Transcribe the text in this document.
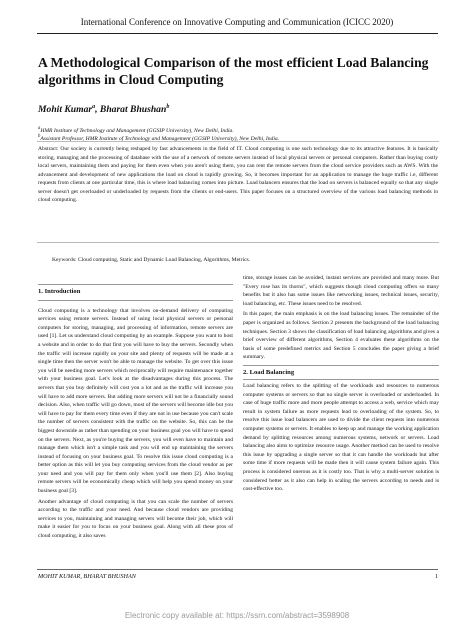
International Conference on Innovative Computing and Communication (ICICC 2020)
A Methodological Comparison of the most efficient Load Balancing algorithms in Cloud Computing
Mohit Kumar$^a$, Bharat Bhushan$^b$
$^a$HMR Institute of Technology and Management (GGSIP University), New Delhi, India.
$^b$Assistant Professor, HMR Institute of Technology and Management (GGSIP University), New Delhi, India.
Abstract: Our society is currently being reshaped by fast advancements in the field of IT. Cloud computing is one such technology due to its attractive features. It is basically storing, managing and the processing of database with the use of a network of remote servers instead of local physical servers or personal computers. Rather than buying costly local servers, maintaining them and paying for them even when you aren't using them, you can rent the remote servers from the cloud service providers such as AWS. With the advancement and development of new applications the load on cloud is rapidly growing. So, it becomes important for an application to manage the huge traffic i.e, different requests from clients at one particular time, this is where load balancing comes into picture. Load balancers ensures that the load on servers is balanced equally so that any single server doesn't get overloaded or underloaded by requests from the clients or end-users. This paper focuses on a structured overview of the various load balancing methods in cloud computing.
Keywords: Cloud computing, Static and Dynamic Load Balancing, Algorithms, Metrics.
1. Introduction

Cloud computing is a technology that involves on-demand delivery of computing services using remote servers. Instead of using local physical servers or personal computers for storing, managing, and processing of information, remote servers are used [1]. Let us understand cloud computing by an example. Suppose you want to host a website and in order to do that first you will have to buy the servers. Secondly when the traffic will increase rapidly on your site and plenty of requests will be made at a single time then the server won't be able to manage the website. To get over this issue you will be needing more servers which reciprocally will require maintenance together with your business goal. Let's look at the disadvantages during this process. The servers that you buy definitely will cost you a lot and as the traffic will increase you will have to add more servers. But adding more servers will not be a financially sound decision. Also, when traffic will go down, most of the servers will become idle but you will have to pay for them every time even if they are not in use because you can't scale the number of servers consistent with the traffic on the website. So, this can be the biggest downside as rather than spending on your business goal you will have to spend on the servers. Next, as you're buying the servers, you will even have to maintain and manage them which isn't a simple task and you will end up maintaining the servers instead of focusing on your business goal. To resolve this issue cloud computing is a better option as this will let you buy computing services from the cloud vendor as per your need and you will pay for them only when you'll use them [2]. Also buying remote servers will be economically cheap which will help you spend money on your business goal [3].

Another advantage of cloud computing is that you can scale the number of servers according to the traffic and your need. And because cloud vendors are providing services to you, maintaining and managing servers will become their job, which will make it easier for you to focus on your business goal. Along with all these pros of cloud computing, it also saves

time, storage issues can be avoided, instant services are provided and many more. But "Every rose has its thorns", which suggests though cloud computing offers so many benefits but it also has some issues like networking issues, technical issues, security, load balancing, etc. These issues need to be resolved.

In this paper, the main emphasis is on the load balancing issues. The remainder of the paper is organized as follows. Section 2 presents the background of the load balancing techniques. Section 3 shows the classification of load balancing algorithms and gives a brief overview of different algorithms, Section 4 evaluates these algorithms on the basis of some predefined metrics and Section 5 concludes the paper giving a brief summary.

2. Load Balancing

Load balancing refers to the splitting of the workloads and resources to numerous computer systems or servers so that no single server is overloaded or underloaded. In case of huge traffic more and more people attempt to access a web, service which may result in system failure as more requests lead to overloading of the system. So, to resolve this issue load balancers are used to divide the client requests into numerous computer systems or servers. It enables to keep up and manage the working application demand by splitting resources among numerous systems, network or servers. Load balancing also aims to optimize resource usage. Another method can be used to resolve this issue by upgrading a single server so that it can handle the workloads but after some time if more requests will be made then it will cause system failure again. This process is considered onerous as it is costly too. That is why a multi-server solution is considered better as it also can help in scaling the servers according to needs and is cost-effective too.

MOHIT KUMAR, BHARAT BHUSHAN	1
Electronic copy available at: https://ssrn.com/abstract=3598908
